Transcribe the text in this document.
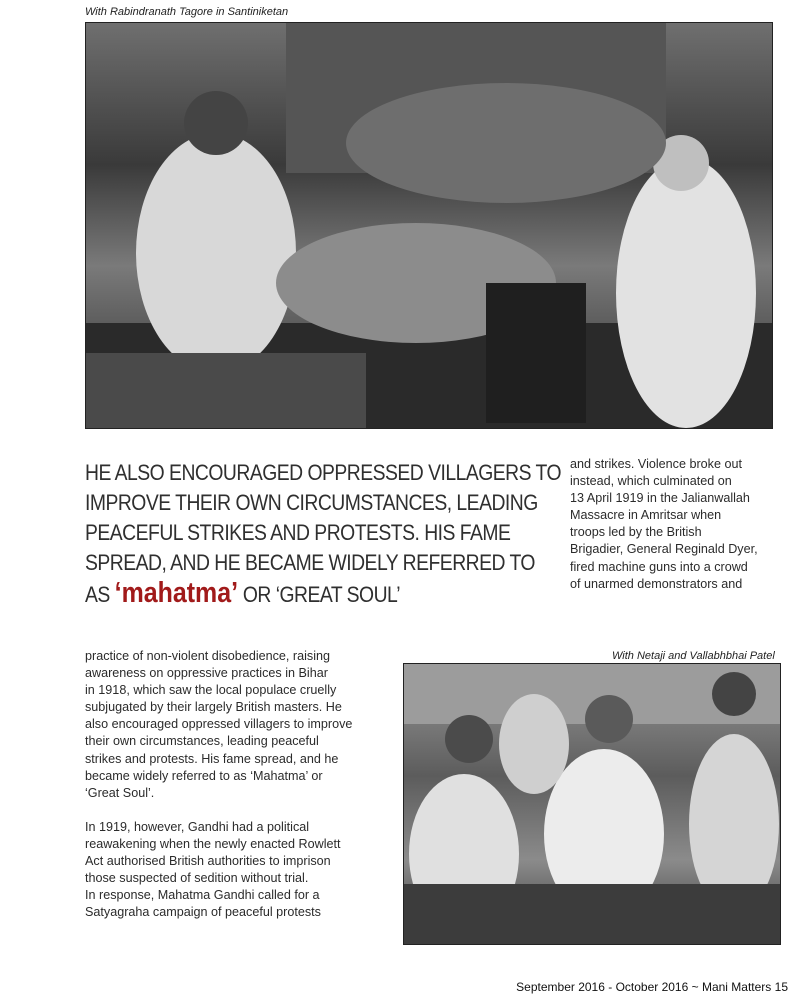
With Rabindranath Tagore in Santiniketan
HE ALSO ENCOURAGED OPPRESSED VILLAGERS TO
IMPROVE THEIR OWN CIRCUMSTANCES, LEADING
PEACEFUL STRIKES AND PROTESTS. HIS FAME
SPREAD, AND HE BECAME WIDELY REFERRED TO
AS ‘mahatma’ OR ‘GREAT SOUL’
and strikes. Violence broke out
instead, which culminated on
13 April 1919 in the Jalianwallah
Massacre in Amritsar when
troops led by the British
Brigadier, General Reginald Dyer,
fired machine guns into a crowd
of unarmed demonstrators and
With Netaji and Vallabhbhai Patel

practice of non-violent disobedience, raising
awareness on oppressive practices in Bihar
in 1918, which saw the local populace cruelly
subjugated by their largely British masters. He
also encouraged oppressed villagers to improve
their own circumstances, leading peaceful
strikes and protests. His fame spread, and he
became widely referred to as ‘Mahatma’ or
‘Great Soul’.

In 1919, however, Gandhi had a political
reawakening when the newly enacted Rowlett
Act authorised British authorities to imprison
those suspected of sedition without trial.
In response, Mahatma Gandhi called for a
Satyagraha campaign of peaceful protests

September 2016 - October 2016 ~ Mani Matters 15
